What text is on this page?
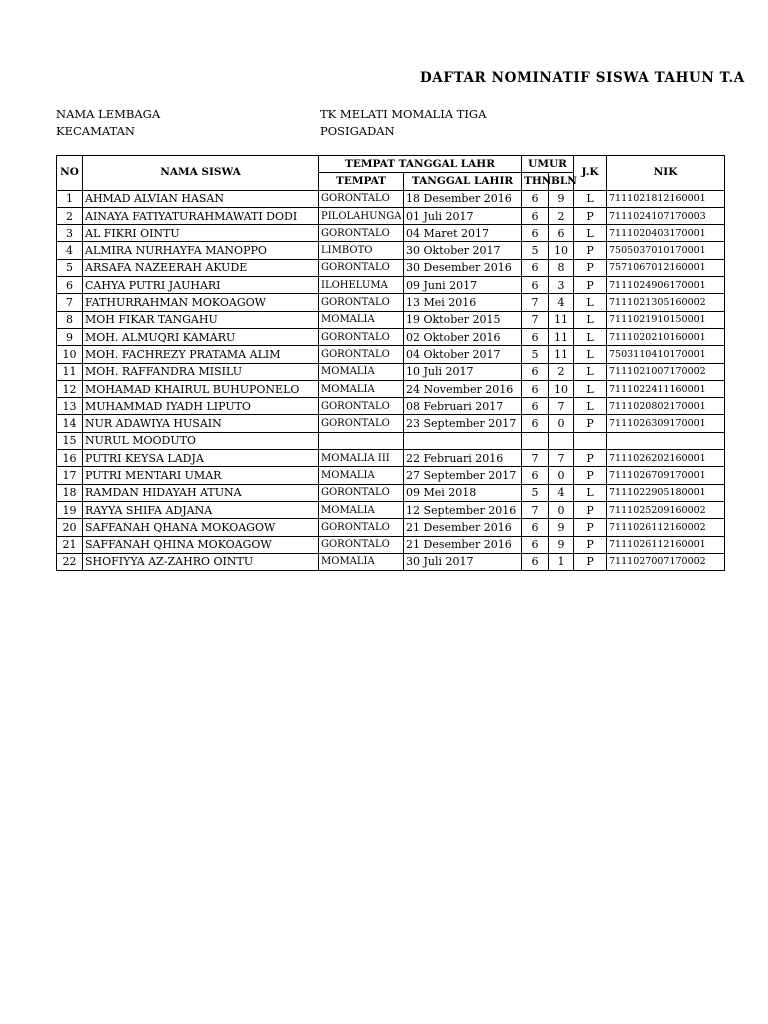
DAFTAR NOMINATIF SISWA TAHUN T.A
NAMA LEMBAGA	TK MELATI MOMALIA TIGA
KECAMATAN	POSIGADAN
NO	NAMA SISWA	TEMPAT TANGGAL LAHR		UMUR		J.K	NIK
		TEMPAT	TANGGAL LAHIR	THN	BLN		
1	AHMAD ALVIAN HASAN	GORONTALO	18 Desember 2016	6	9	L	7111021812160001
2	AINAYA FATIYATURAHMAWATI DODI	PILOLAHUNGA	01 Juli 2017	6	2	P	7111024107170003
3	AL FIKRI OINTU	GORONTALO	04 Maret 2017	6	6	L	7111020403170001
4	ALMIRA NURHAYFA MANOPPO	LIMBOTO	30 Oktober 2017	5	10	P	7505037010170001
5	ARSAFA NAZEERAH AKUDE	GORONTALO	30 Desember 2016	6	8	P	7571067012160001
6	CAHYA PUTRI JAUHARI	ILOHELUMA	09 Juni 2017	6	3	P	7111024906170001
7	FATHURRAHMAN MOKOAGOW	GORONTALO	13 Mei 2016	7	4	L	7111021305160002
8	MOH FIKAR TANGAHU	MOMALIA	19 Oktober 2015	7	11	L	7111021910150001
9	MOH. ALMUQRI KAMARU	GORONTALO	02 Oktober 2016	6	11	L	7111020210160001
10	MOH. FACHREZY PRATAMA ALIM	GORONTALO	04 Oktober 2017	5	11	L	7503110410170001
11	MOH. RAFFANDRA MISILU	MOMALIA	10 Juli 2017	6	2	L	7111021007170002
12	MOHAMAD KHAIRUL BUHUPONELO	MOMALIA	24 November 2016	6	10	L	7111022411160001
13	MUHAMMAD IYADH LIPUTO	GORONTALO	08 Februari 2017	6	7	L	7111020802170001
14	NUR ADAWIYA HUSAIN	GORONTALO	23 September 2017	6	0	P	7111026309170001
15	NURUL MOODUTO						
16	PUTRI KEYSA LADJA	MOMALIA III	22 Februari 2016	7	7	P	7111026202160001
17	PUTRI MENTARI UMAR	MOMALIA	27 September 2017	6	0	P	7111026709170001
18	RAMDAN HIDAYAH ATUNA	GORONTALO	09 Mei 2018	5	4	L	7111022905180001
19	RAYYA SHIFA ADJANA	MOMALIA	12 September 2016	7	0	P	7111025209160002
20	SAFFANAH QHANA MOKOAGOW	GORONTALO	21 Desember 2016	6	9	P	7111026112160002
21	SAFFANAH QHINA MOKOAGOW	GORONTALO	21 Desember 2016	6	9	P	7111026112160001
22	SHOFIYYA AZ-ZAHRO OINTU	MOMALIA	30 Juli 2017	6	1	P	7111027007170002
